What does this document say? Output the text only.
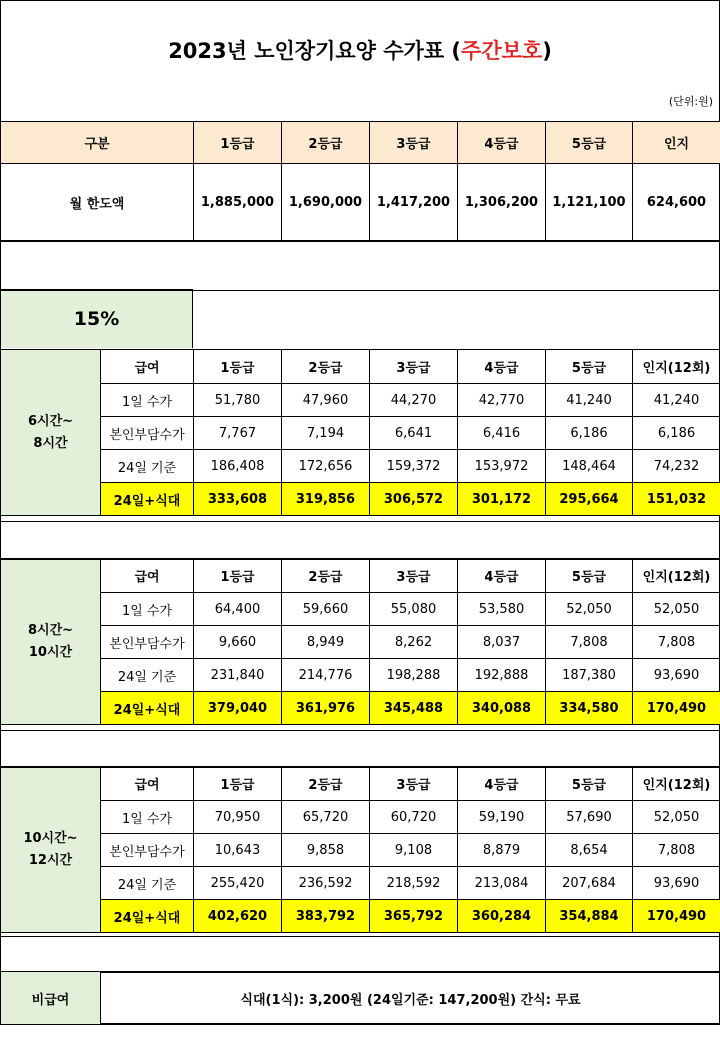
2023년 노인장기요양 수가표 (주간보호)
(단위:원)
구분	1등급	2등급	3등급	4등급	5등급	인지
월 한도액	1,885,000	1,690,000	1,417,200	1,306,200	1,121,100	624,600
15%
6시간~
8시간	급여	1등급	2등급	3등급	4등급	5등급	인지(12회)
	1일 수가	51,780	47,960	44,270	42,770	41,240	41,240
	본인부담수가	7,767	7,194	6,641	6,416	6,186	6,186
	24일 기준	186,408	172,656	159,372	153,972	148,464	74,232
	24일+식대	333,608	319,856	306,572	301,172	295,664	151,032
8시간~
10시간	급여	1등급	2등급	3등급	4등급	5등급	인지(12회)
	1일 수가	64,400	59,660	55,080	53,580	52,050	52,050
	본인부담수가	9,660	8,949	8,262	8,037	7,808	7,808
	24일 기준	231,840	214,776	198,288	192,888	187,380	93,690
	24일+식대	379,040	361,976	345,488	340,088	334,580	170,490
10시간~
12시간	급여	1등급	2등급	3등급	4등급	5등급	인지(12회)
	1일 수가	70,950	65,720	60,720	59,190	57,690	52,050
	본인부담수가	10,643	9,858	9,108	8,879	8,654	7,808
	24일 기준	255,420	236,592	218,592	213,084	207,684	93,690
	24일+식대	402,620	383,792	365,792	360,284	354,884	170,490
비급여	식대(1식): 3,200원 (24일기준: 147,200원) 간식: 무료
